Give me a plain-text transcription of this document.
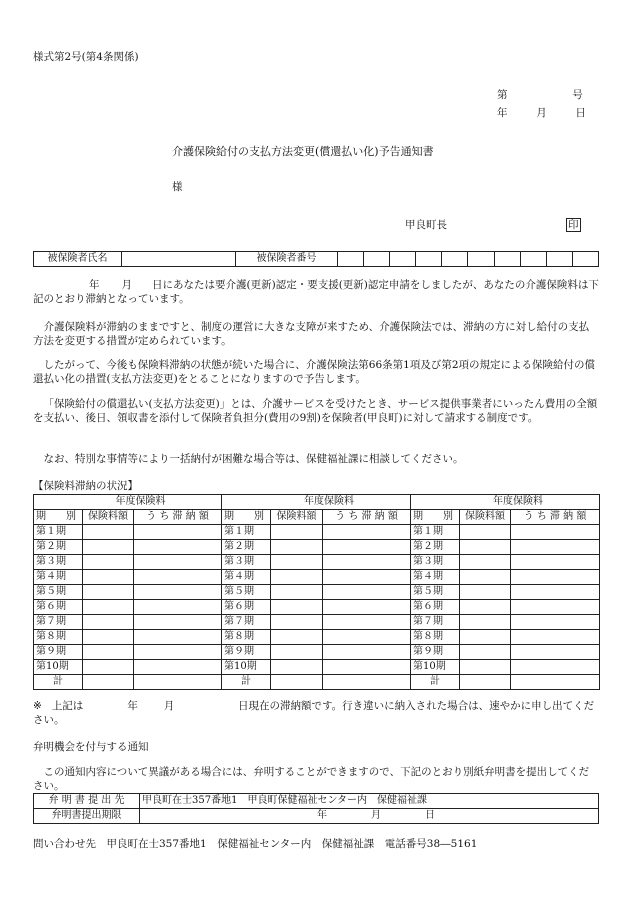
様式第2号(第4条関係)
第	号
年	月	日
介護保険給付の支払方法変更(償還払い化)予告通知書
様
甲良町長	印
被保険者氏名		被保険者番号										
年 月 日にあなたは要介護(更新)認定・要支援(更新)認定申請をしましたが、あなたの介護保険料は下記のとおり滞納となっています。
介護保険料が滞納のままですと、制度の運営に大きな支障が来すため、介護保険法では、滞納の方に対し給付の支払方法を変更する措置が定められています。
したがって、今後も保険料滞納の状態が続いた場合に、介護保険法第66条第1項及び第2項の規定による保険給付の償還払い化の措置(支払方法変更)をとることになりますので予告します。
「保険給付の償還払い(支払方法変更)」とは、介護サービスを受けたとき、サービス提供事業者にいったん費用の全額を支払い、後日、領収書を添付して保険者負担分(費用の9割)を保険者(甲良町)に対して請求する制度です。
なお、特別な事情等により一括納付が困難な場合等は、保健福祉課に相談してください。
【保険料滞納の状況】
年度保険料			年度保険料			年度保険料		
期　　別	保険料額	う ち 滞 納 額	期　　別	保険料額	う ち 滞 納 額	期　　別	保険料額	う ち 滞 納 額
第１期			第１期			第１期		
第２期			第２期			第２期		
第３期			第３期			第３期		
第４期			第４期			第４期		
第５期			第５期			第５期		
第６期			第６期			第６期		
第７期			第７期			第７期		
第８期			第８期			第８期		
第９期			第９期			第９期		
第10期			第10期			第10期		
計			計			計		
※ 上記は	年 月	日現在の滞納額です。行き違いに納入された場合は、速やかに申し出てください。
弁明機会を付与する通知
この通知内容について異議がある場合には、弁明することができますので、下記のとおり別紙弁明書を提出してください。
弁 明 書 提 出 先	甲良町在士357番地1　甲良町保健福祉センター内　保健福祉課
弁明書提出期限	年 月 日
問い合わせ先　甲良町在士357番地1　保健福祉センター内　保健福祉課　電話番号38―5161
